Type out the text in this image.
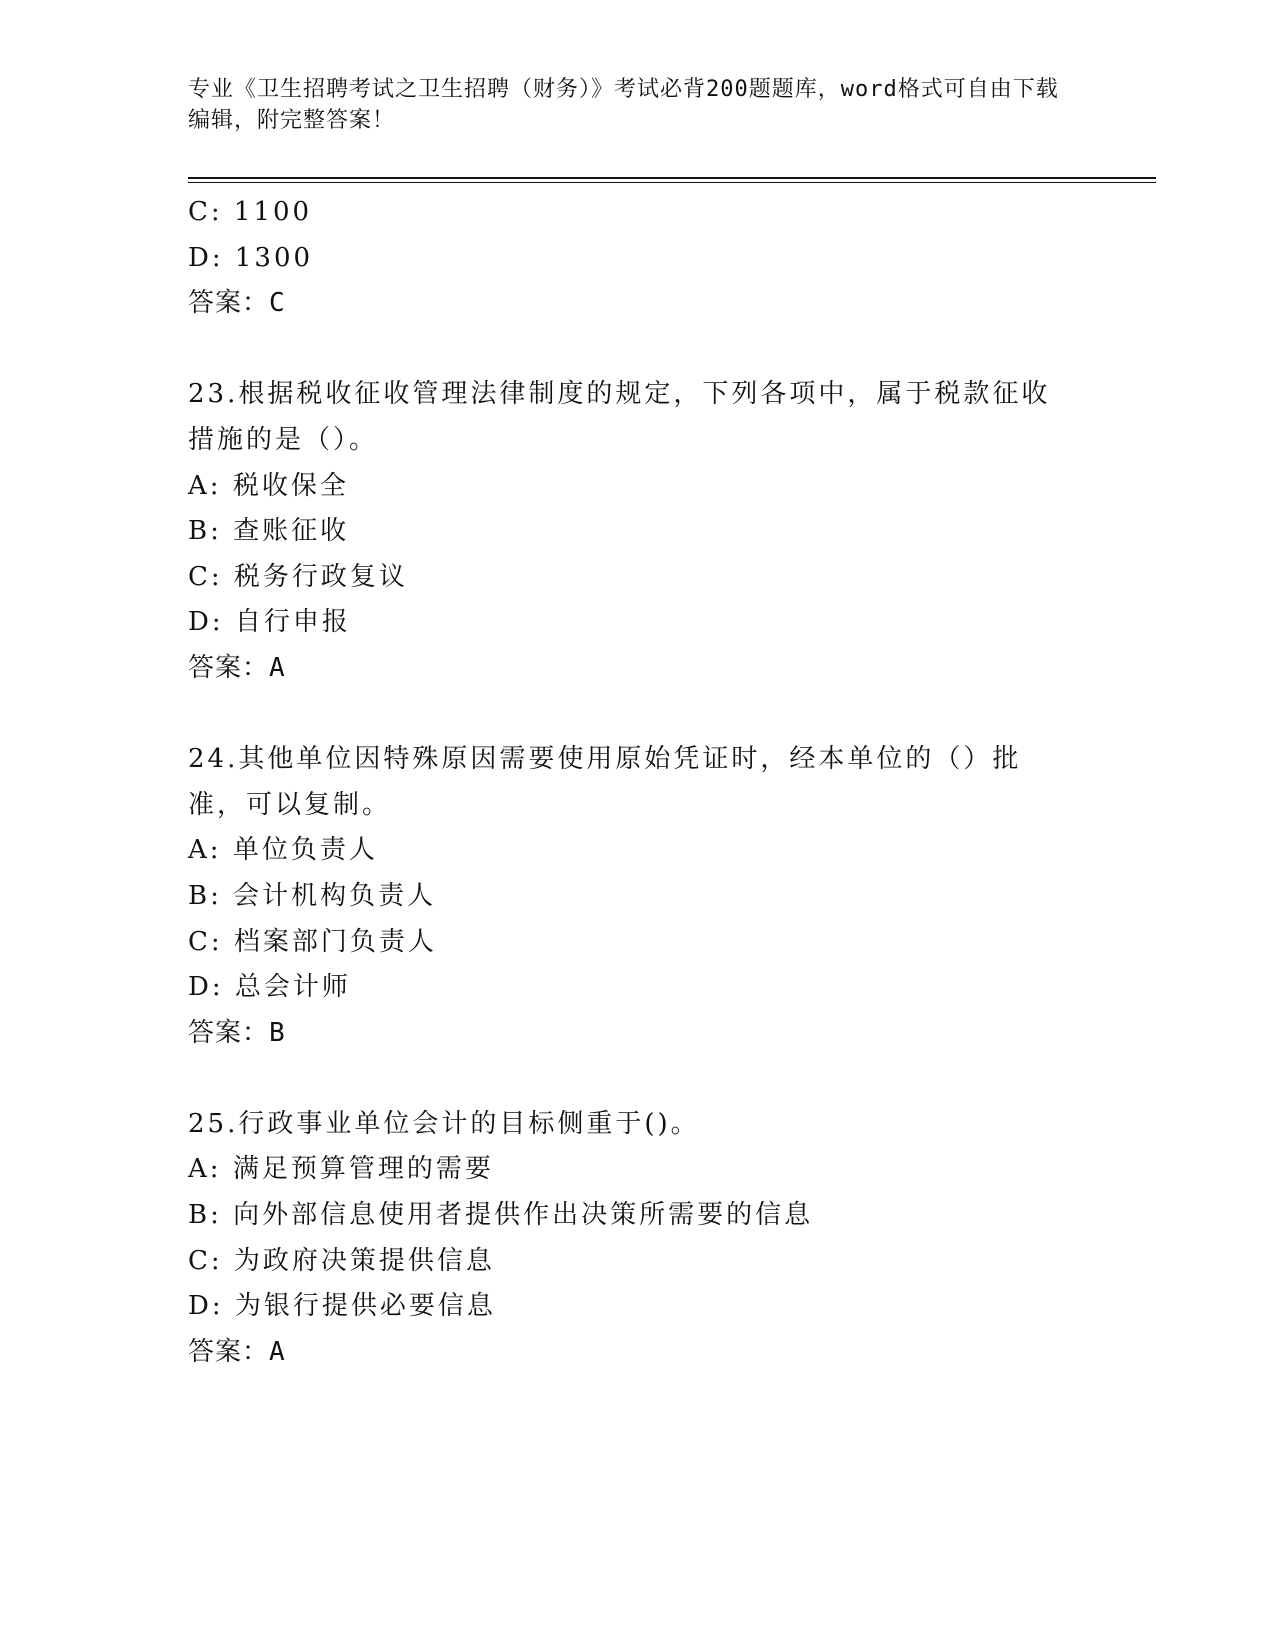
专业《卫生招聘考试之卫生招聘（财务）》考试必背200题题库，word格式可自由下载编辑，附完整答案！
C: 1100
D: 1300
答案：C
23.根据税收征收管理法律制度的规定，下列各项中，属于税款征收措施的是（）。
A: 税收保全
B: 查账征收
C: 税务行政复议
D: 自行申报
答案：A
24.其他单位因特殊原因需要使用原始凭证时，经本单位的（）批准，可以复制。
A: 单位负责人
B: 会计机构负责人
C: 档案部门负责人
D: 总会计师
答案：B
25.行政事业单位会计的目标侧重于()。
A: 满足预算管理的需要
B: 向外部信息使用者提供作出决策所需要的信息
C: 为政府决策提供信息
D: 为银行提供必要信息
答案：A
